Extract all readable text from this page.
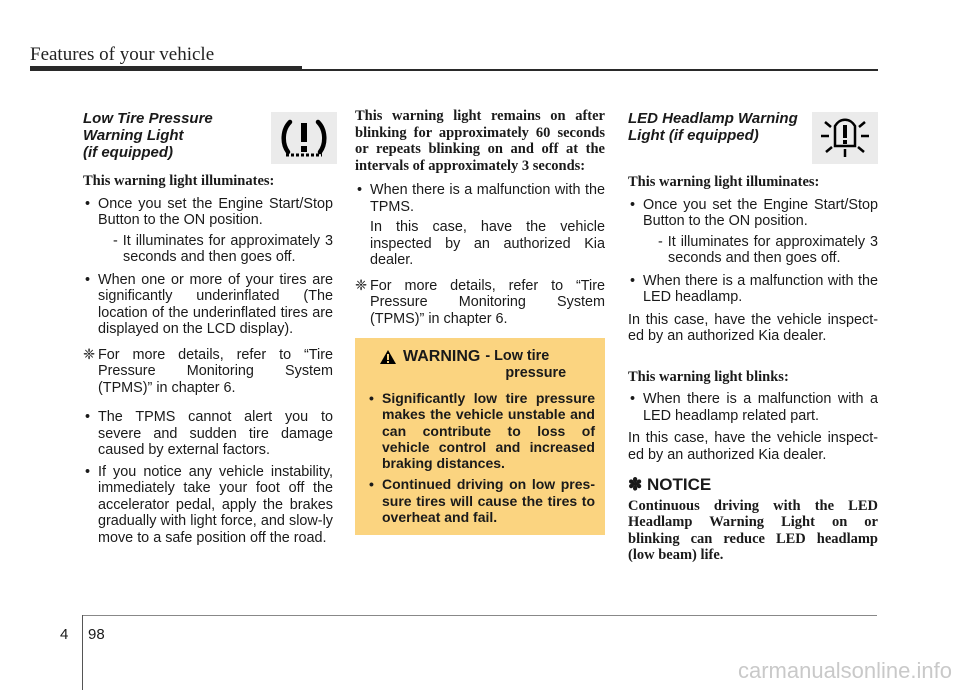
Features of your vehicle
Low Tire Pressure
Warning Light
(if equipped)

This warning light illuminates:

• Once you set the Engine Start/Stop Button to the ON position.
- It illuminates for approximately 3 seconds and then goes off.
• When one or more of your tires are significantly underinflated (The location of the underinflated tires are displayed on the LCD display).
❈ For more details, refer to “Tire Pressure Monitoring System (TPMS)” in chapter 6.
• The TPMS cannot alert you to severe and sudden tire damage caused by external factors.
• If you notice any vehicle instability, immediately take your foot off the accelerator pedal, apply the brakes gradually with light force, and slow-ly move to a safe position off the road.

This warning light remains on after blinking for approximately 60 seconds or repeats blinking on and off at the intervals of approximately 3 seconds:

• When there is a malfunction with the TPMS.
In this case, have the vehicle inspected by an authorized Kia dealer.
❈ For more details, refer to “Tire Pressure Monitoring System (TPMS)” in chapter 6.
WARNING - Low tire
pressure
• Significantly low tire pressure makes the vehicle unstable and can contribute to loss of vehicle control and increased braking distances.
• Continued driving on low pres-sure tires will cause the tires to overheat and fail.
LED Headlamp Warning
Light (if equipped)

This warning light illuminates:

• Once you set the Engine Start/Stop Button to the ON position.
- It illuminates for approximately 3 seconds and then goes off.
• When there is a malfunction with the LED headlamp.

In this case, have the vehicle inspect-ed by an authorized Kia dealer.

This warning light blinks:

• When there is a malfunction with a LED headlamp related part.

In this case, have the vehicle inspect-ed by an authorized Kia dealer.

✽ NOTICE

Continuous driving with the LED Headlamp Warning Light on or blinking can reduce LED headlamp (low beam) life.

4 98
carmanualsonline.info
